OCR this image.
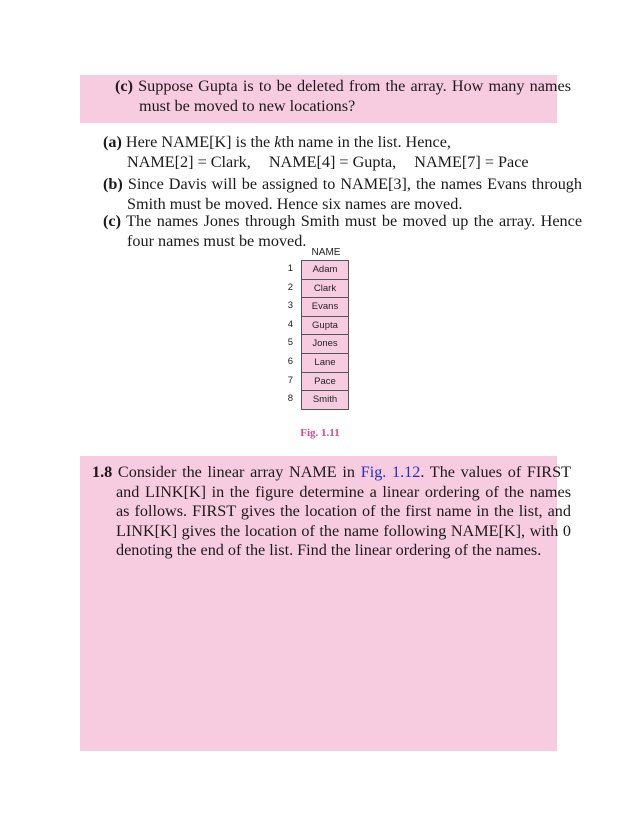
(c) Suppose Gupta is to be deleted from the array. How many names must be moved to new locations?
(a) Here NAME[K] is the kth name in the list. Hence,
NAME[2] = Clark, NAME[4] = Gupta, NAME[7] = Pace
(b) Since Davis will be assigned to NAME[3], the names Evans through Smith must be moved. Hence six names are moved.
(c) The names Jones through Smith must be moved up the array. Hence four names must be moved.
NAME
1	Adam
2	Clark
3	Evans
4	Gupta
5	Jones
6	Lane
7	Pace
8	Smith
Fig. 1.11
1.8 Consider the linear array NAME in Fig. 1.12. The values of FIRST and LINK[K] in the figure determine a linear ordering of the names as follows. FIRST gives the location of the first name in the list, and LINK[K] gives the location of the name following NAME[K], with 0 denoting the end of the list. Find the linear ordering of the names.
